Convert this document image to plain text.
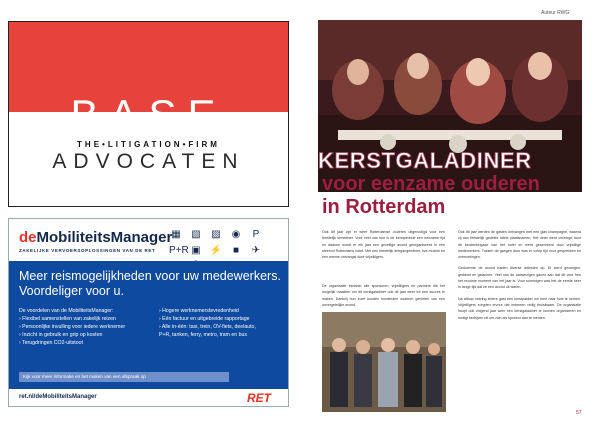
BASE
THE•LITIGATION•FIRM
ADVOCATEN
deMobiliteitsManager
ZAKELIJKE VERVOERSOPLOSSINGEN VAN DE RET
▦ ▧ ▨ ◉	P
P+R ▣ ⚡	■	✈
Meer reismogelijkheden voor uw medewerkers.
Voordeliger voor u.
De voordelen van de MobiliteitsManager:
› Flexibel samenstellen van zakelijk reizen
› Persoonlijke invulling voor iedere werknemer
› Inzicht in gebruik en grip op kosten
› Terugdringen CO2-uitstoot
› Hogere werknemerstevredenheid
› Eén factuur en uitgebreide rapportage
› Alle in-één: taxi, trein, OV-fiets, deelauto,
P+R, tanken, ferry, metro, tram en bus
Kijk voor meer informatie en het maken van een afspraak op
ret.nl/deMobiliteitsManager	RET
Auteur RWG
KERSTGALADINER
voor eenzame ouderen
in Rotterdam

Ook dit jaar zijn er weer Rotterdamse ouderen uitgenodigd voor een feestelijk kerstdiner. Voor veel van hen is de kerstperiode een eenzame tijd en daarom wordt er elk jaar een gezellige avond georganiseerd in een sfeervol Rotterdams hotel. Met een feestelijk driegangendiner, live muziek en een warme ontvangst door vrijwilligers.

De organisatie bedankt alle sponsoren, vrijwilligers en partners die het mogelijk maakten om dit kerstgaladiner ook dit jaar weer tot een succes te maken. Dankzij hun inzet konden honderden ouderen genieten van een onvergetelijke avond.

Ook dit jaar werden de gasten ontvangen met een glas champagne, waarna zij aan feestelijk gedekte tafels plaatsnamen. Het diner werd verzorgd door de keukenbrigade van het hotel en werd geserveerd door vrijwillige medewerkers. Tussen de gangen door was er volop tijd voor gesprekken en ontmoetingen.

Gedurende de avond traden diverse artiesten op. Er werd gezongen, gedanst en gelachen. Veel van de aanwezigen gaven aan dat dit voor hen het mooiste moment van het jaar is. Voor sommigen was het de eerste keer in lange tijd dat ze een avond uit waren.

Na afloop ontving iedere gast een kerstpakket om mee naar huis te nemen. Vrijwilligers zorgden ervoor dat iedereen veilig thuiskwam. De organisatie hoopt ook volgend jaar weer een kerstgaladiner te kunnen organiseren en nodigt bedrijven uit om zich als sponsor aan te melden.

57
